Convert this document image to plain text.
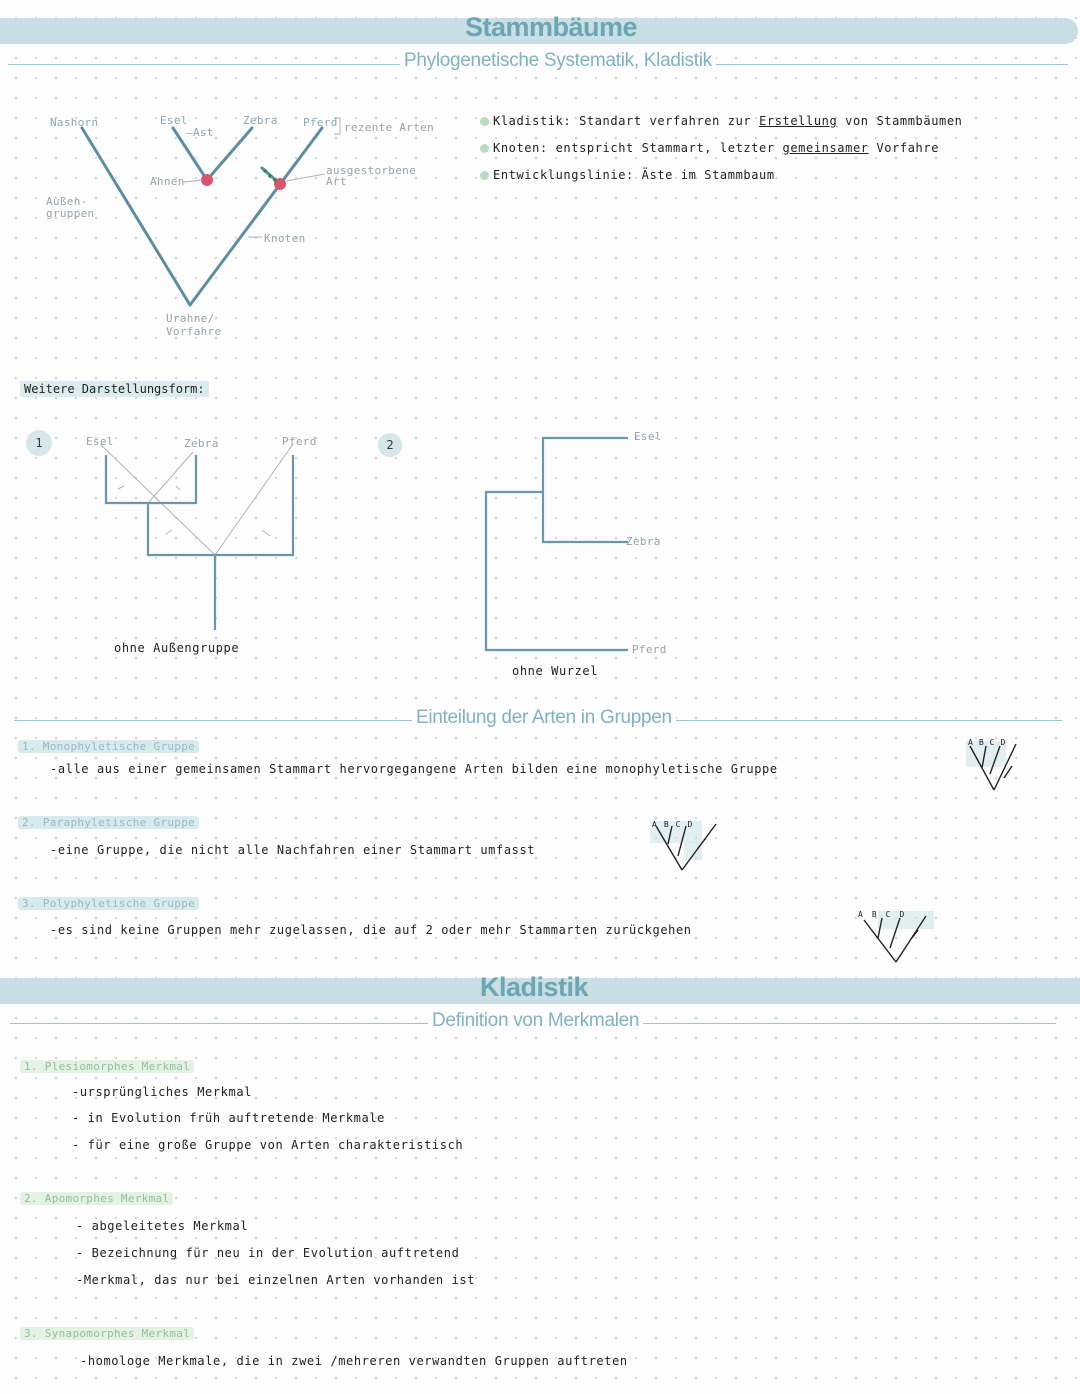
Stammbäume
Phylogenetische Systematik, Kladistik
Nashorn	Esel
—Ast
Zebra Pferd rezente Arten
Ahnen
ausgestorbene Art
Außen-gruppen
Knoten
Urahne/ Vorfahre
Kladistik: Standart verfahren zur Erstellung von Stammbäumen
Knoten: entspricht Stammart, letzter gemeinsamer Vorfahre
Entwicklungslinie: Äste im Stammbaum
Weitere Darstellungsform:
1	2
Esel	Zebra	Pferd
ohne Außengruppe
Esel
Zebra
Pferd
ohne Wurzel
Einteilung der Arten in Gruppen
1. Monophyletische Gruppe
-alle aus einer gemeinsamen Stammart hervorgegangene Arten bilden eine monophyletische Gruppe
2. Paraphyletische Gruppe
-eine Gruppe, die nicht alle Nachfahren einer Stammart umfasst
3. Polyphyletische Gruppe
-es sind keine Gruppen mehr zugelassen, die auf 2 oder mehr Stammarten zurückgehen
ABCD
ABCD
ABCD
Kladistik
Definition von Merkmalen
1. Plesiomorphes Merkmal
-ursprüngliches Merkmal
- in Evolution früh auftretende Merkmale
- für eine große Gruppe von Arten charakteristisch
2. Apomorphes Merkmal
- abgeleitetes Merkmal
- Bezeichnung für neu in der Evolution auftretend
-Merkmal, das nur bei einzelnen Arten vorhanden ist
3. Synapomorphes Merkmal
-homologe Merkmale, die in zwei /mehreren verwandten Gruppen auftreten
